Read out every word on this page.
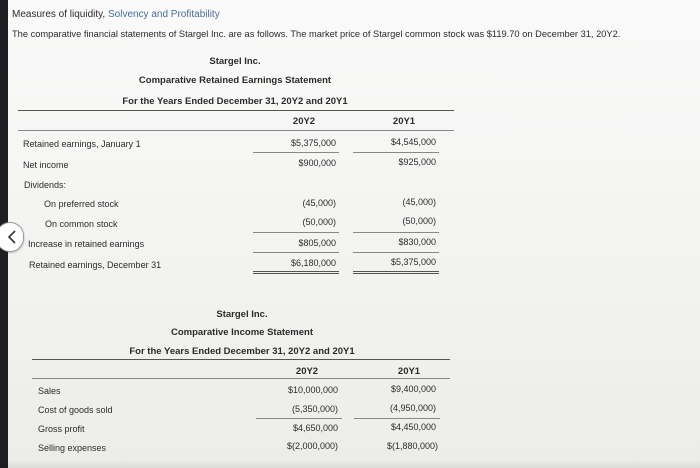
Measures of liquidity, Solvency and Profitability
The comparative financial statements of Stargel Inc. are as follows. The market price of Stargel common stock was $119.70 on December 31, 20Y2.
Stargel Inc.
Comparative Retained Earnings Statement
For the Years Ended December 31, 20Y2 and 20Y1
20Y2	20Y1
Retained earnings, January 1	$5,375,000	$4,545,000
Net income	$900,000	$925,000
Dividends:
On preferred stock	(45,000)	(45,000)
On common stock	(50,000)	(50,000)
Increase in retained earnings	$805,000	$830,000
Retained earnings, December 31	$6,180,000	$5,375,000
Stargel Inc.
Comparative Income Statement
For the Years Ended December 31, 20Y2 and 20Y1
20Y2	20Y1
Sales	$10,000,000	$9,400,000
Cost of goods sold	(5,350,000)	(4,950,000)
Gross profit	$4,650,000	$4,450,000
Selling expenses	$(2,000,000)	$(1,880,000)
